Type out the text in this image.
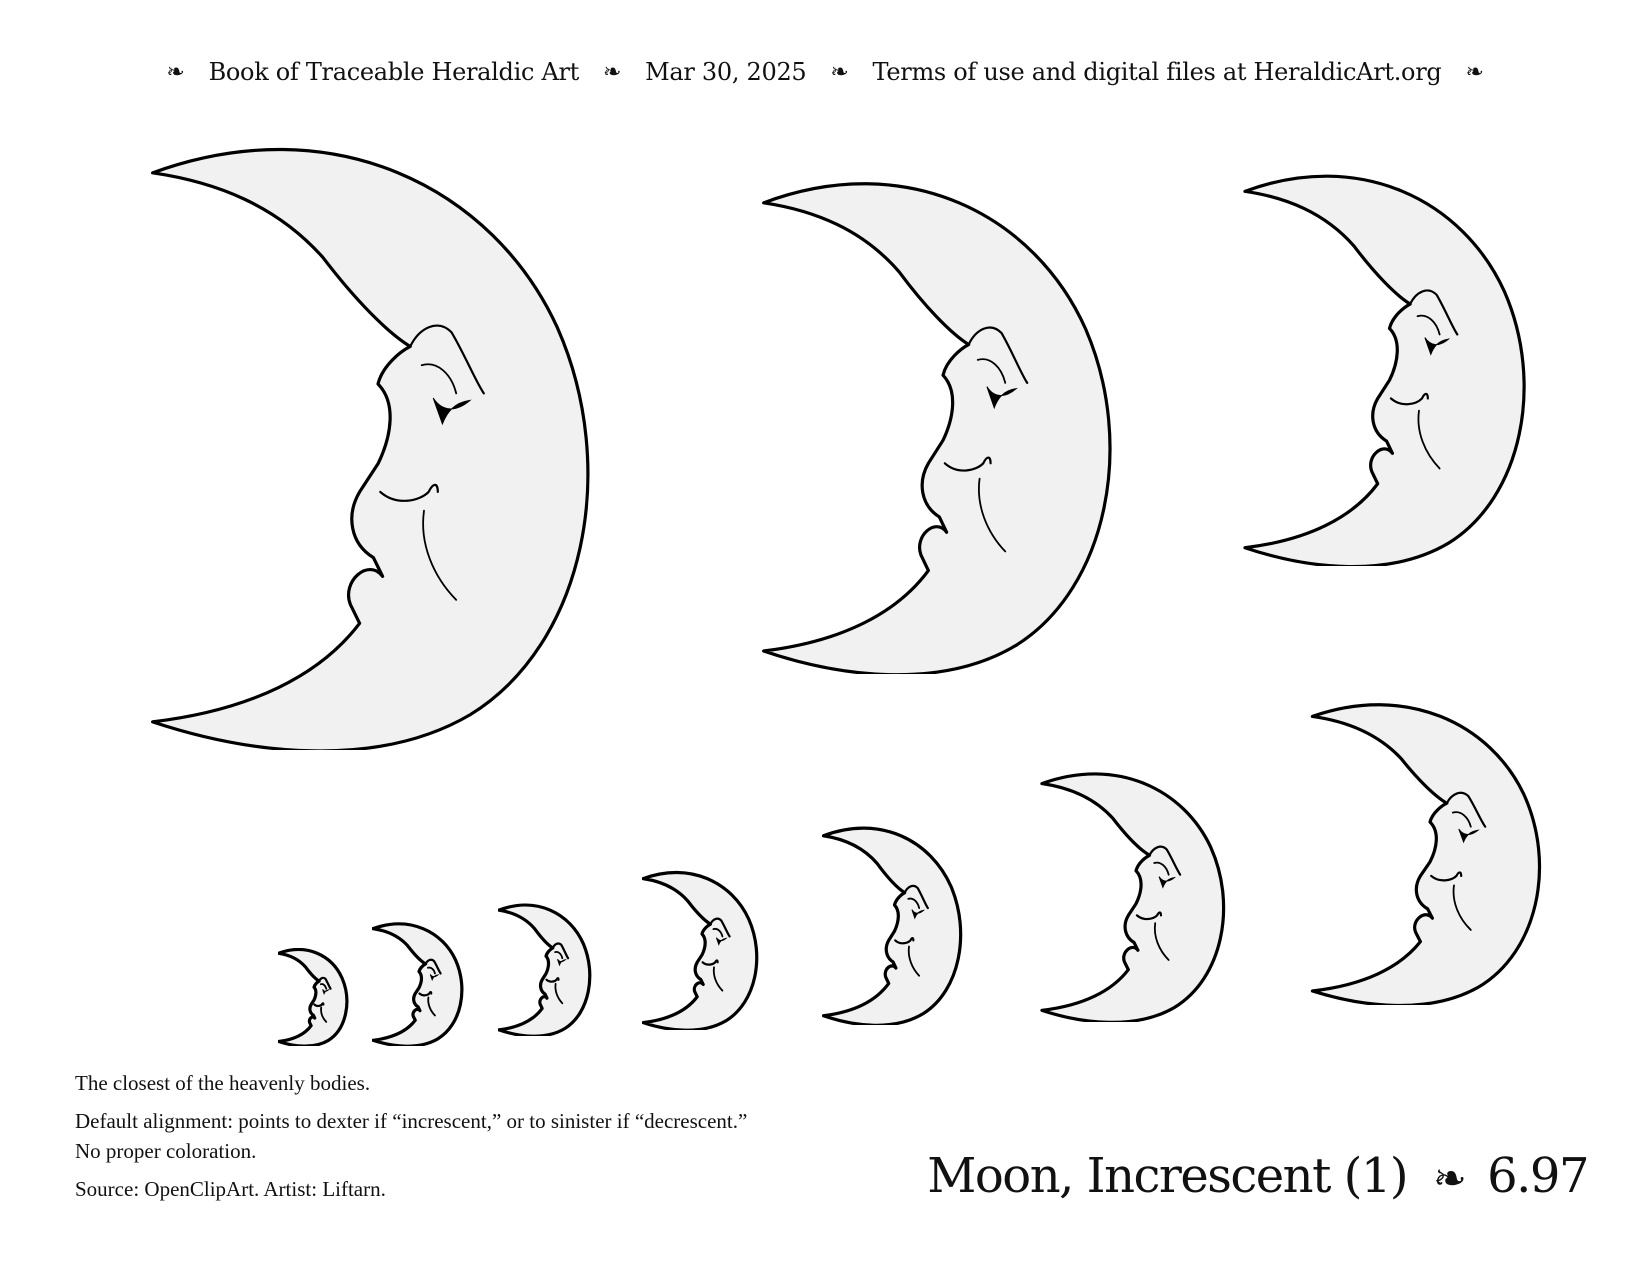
❧ Book of Traceable Heraldic Art ❧ Mar 30, 2025 ❧ Terms of use and digital files at HeraldicArt.org ❧

The closest of the heavenly bodies.

Default alignment: points to dexter if “increscent,” or to sinister if “decrescent.”

No proper coloration.

Source: OpenClipArt. Artist: Liftarn.	Moon, Increscent (1) ❧ 6.97
